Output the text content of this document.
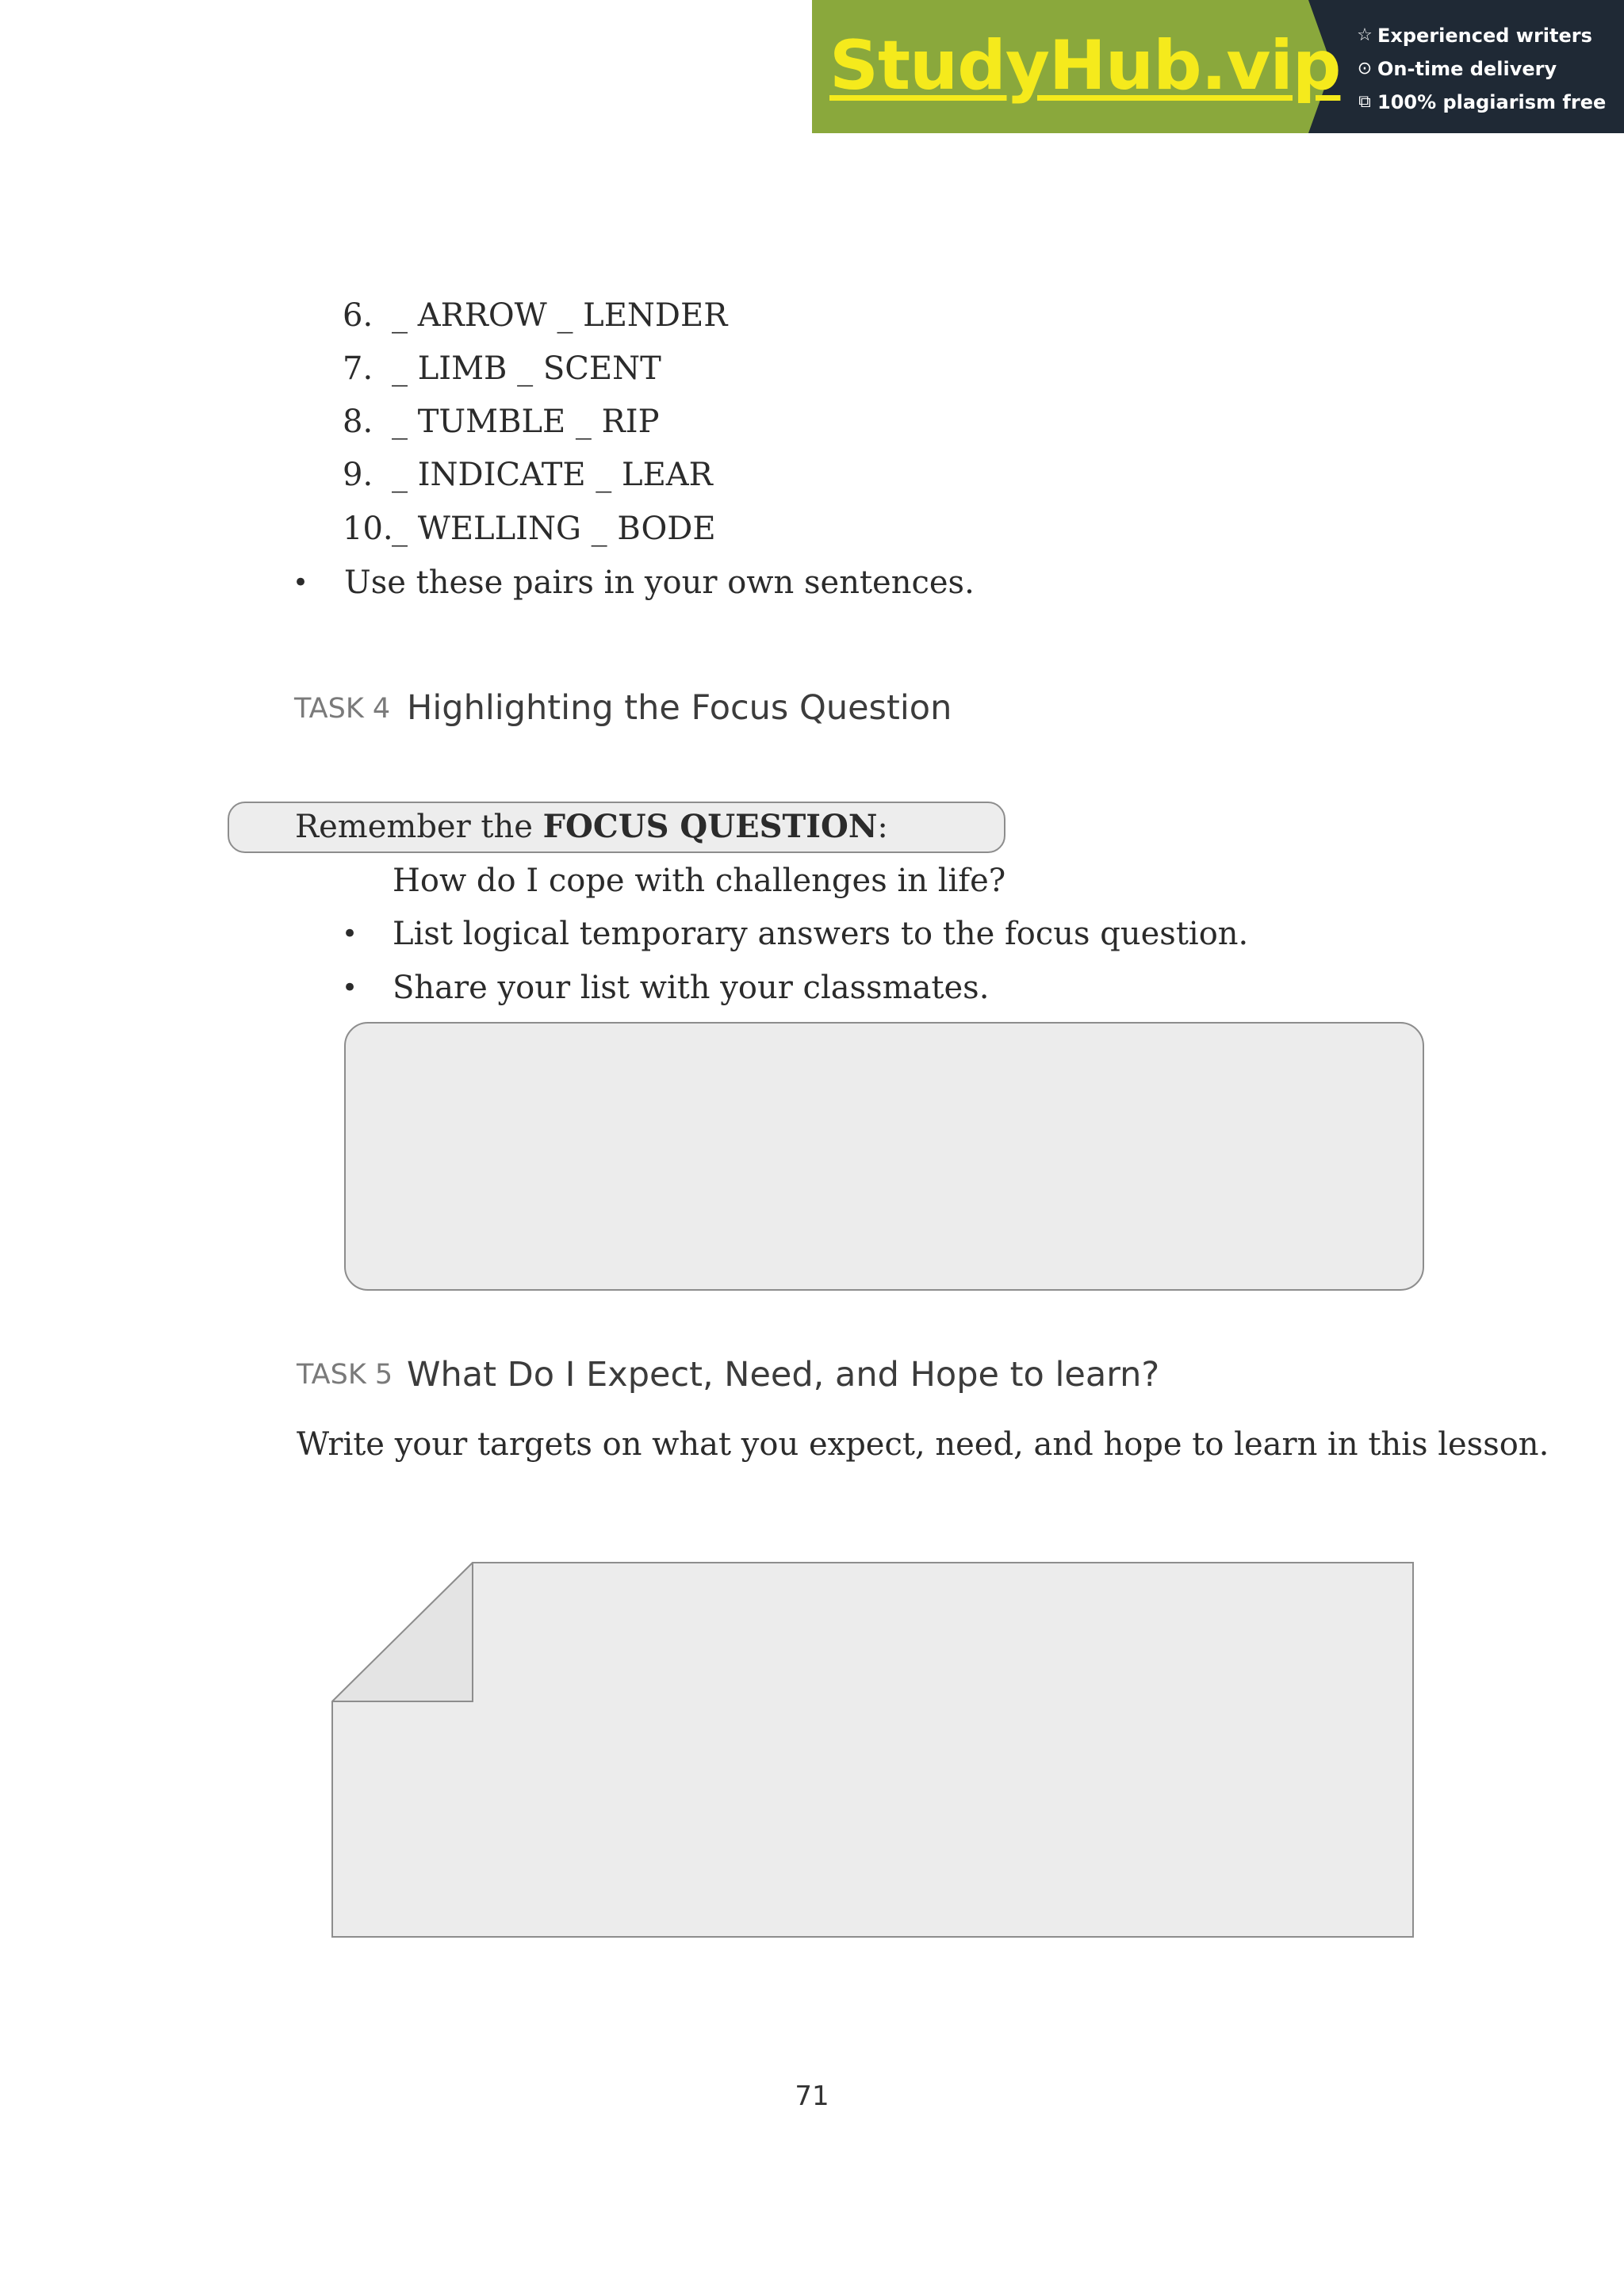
StudyHub.vip ☆ Experienced writers
⊙ On-time delivery
⧉ 100% plagiarism free
6. _ ARROW _ LENDER
7. _ LIMB _ SCENT
8. _ TUMBLE _ RIP
9. _ INDICATE _ LEAR
10.
_ WELLING _ BODE
• Use these pairs in your own sentences.
TASK 4 Highlighting the Focus Question
Remember the FOCUS QUESTION:
How do I cope with challenges in life?
• List logical temporary answers to the focus question.
• Share your list with your classmates.
TASK 5 What Do I Expect, Need, and Hope to learn?
Write your targets on what you expect, need, and hope to learn in this lesson.
71
